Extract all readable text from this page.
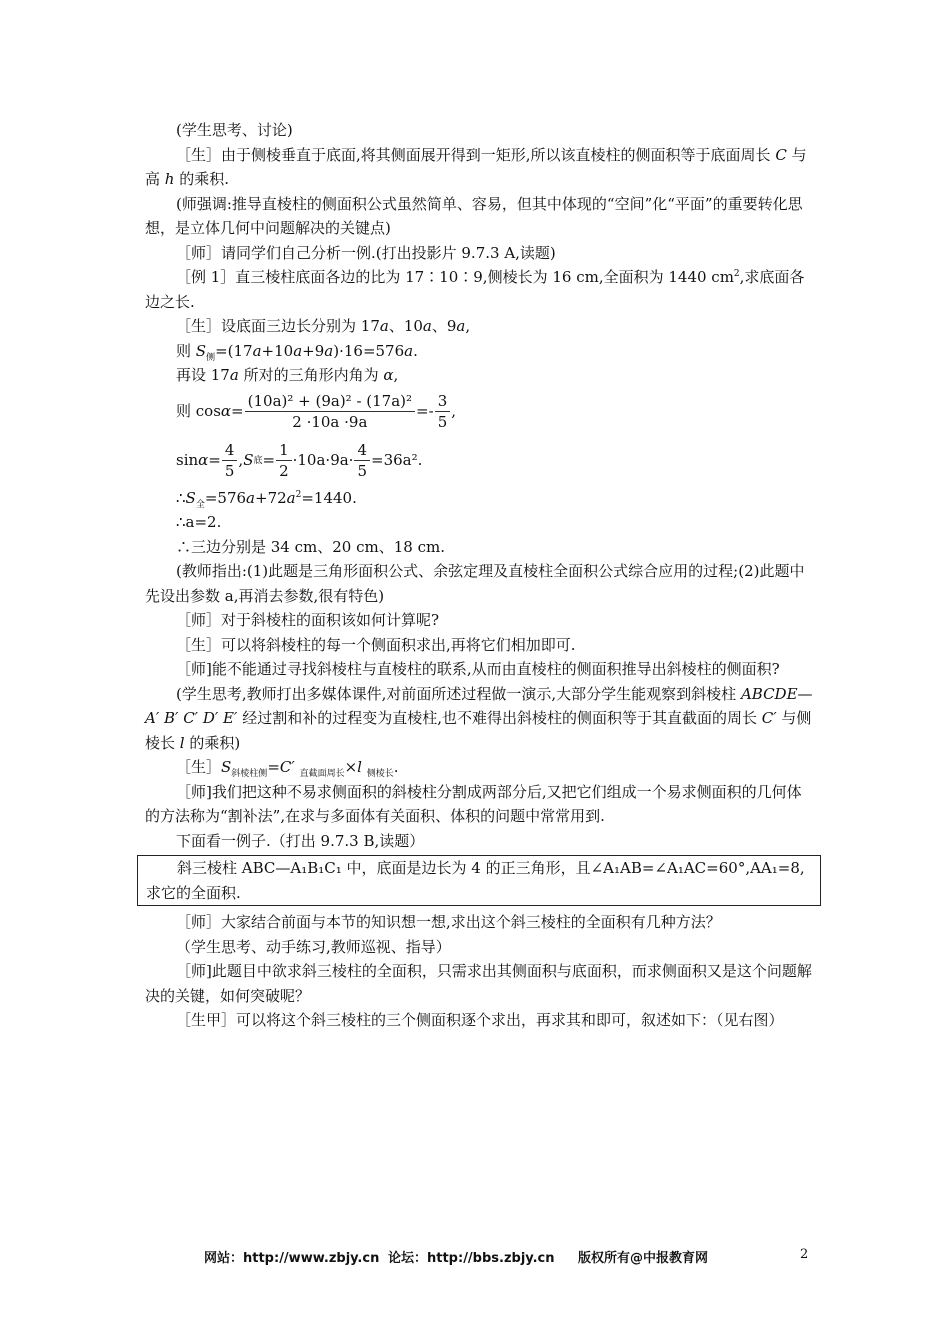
(学生思考、讨论)

［生］由于侧棱垂直于底面,将其侧面展开得到一矩形,所以该直棱柱的侧面积等于底面周长 C 与高 h 的乘积.

(师强调:推导直棱柱的侧面积公式虽然简单、容易，但其中体现的“空间”化“平面”的重要转化思想，是立体几何中问题解决的关键点)

［师］请同学们自己分析一例.(打出投影片 9.7.3 A,读题)

［例 1］直三棱柱底面各边的比为 17∶10∶9,侧棱长为 16 cm,全面积为 1440 $cm^2$,求底面各边之长.

［生］设底面三边长分别为 17a、10a、9a,

则 $S_侧=(17a+10a+9a)\cdot 16=576a$.

再设 17a 所对的三角形内角为 α,

则 $\cos \alpha = \frac{\text{(10a)² + (9a)² - (17a)²}}{2 \cdot 10a \cdot 9a} =- \frac{3}{5}$ ,
$\sin \alpha = \frac{4}{5}$ , S 底 = $\frac{1}{2} \cdot 10a\cdot 9a\cdot \frac{4}{5} =36a^2$.

$\therefore S_全=576a+72a^2=1440$.

∴a=2.

∴三边分别是 34 cm、20 cm、18 cm.

(教师指出:(1)此题是三角形面积公式、余弦定理及直棱柱全面积公式综合应用的过程;(2)此题中先设出参数 a,再消去参数,很有特色)

［师］对于斜棱柱的面积该如何计算呢?

［生］可以将斜棱柱的每一个侧面积求出,再将它们相加即可.

［师]能不能通过寻找斜棱柱与直棱柱的联系,从而由直棱柱的侧面积推导出斜棱柱的侧面积?

(学生思考,教师打出多媒体课件,对前面所述过程做一演示,大部分学生能观察到斜棱柱 ABCDE—A′ B′ C′ D′ E′ 经过割和补的过程变为直棱柱,也不难得出斜棱柱的侧面积等于其直截面的周长 C′ 与侧棱长 l 的乘积)

［生$]S_{斜棱柱侧}=C'$ $_{直截面周长}$×l $_{侧棱长}$.

［师]我们把这种不易求侧面积的斜棱柱分割成两部分后,又把它们组成一个易求侧面积的几何体的方法称为“割补法”,在求与多面体有关面积、体积的问题中常常用到.

下面看一例子.（打出 9.7.3 B,读题）

斜三棱柱 ABC—A₁B₁C₁ 中，底面是边长为 4 的正三角形，且∠A₁AB=∠A₁AC=60°,AA₁=8,求它的全面积.

［师］大家结合前面与本节的知识想一想,求出这个斜三棱柱的全面积有几种方法？

（学生思考、动手练习,教师巡视、指导）

［师]此题目中欲求斜三棱柱的全面积，只需求出其侧面积与底面积，而求侧面积又是这个问题解决的关键，如何突破呢？

［生甲］可以将这个斜三棱柱的三个侧面积逐个求出，再求其和即可，叙述如下：（见右图）

网站：http://www.zbjy.cn 论坛：http://bbs.zbjy.cn 版权所有@中报教育网	2
